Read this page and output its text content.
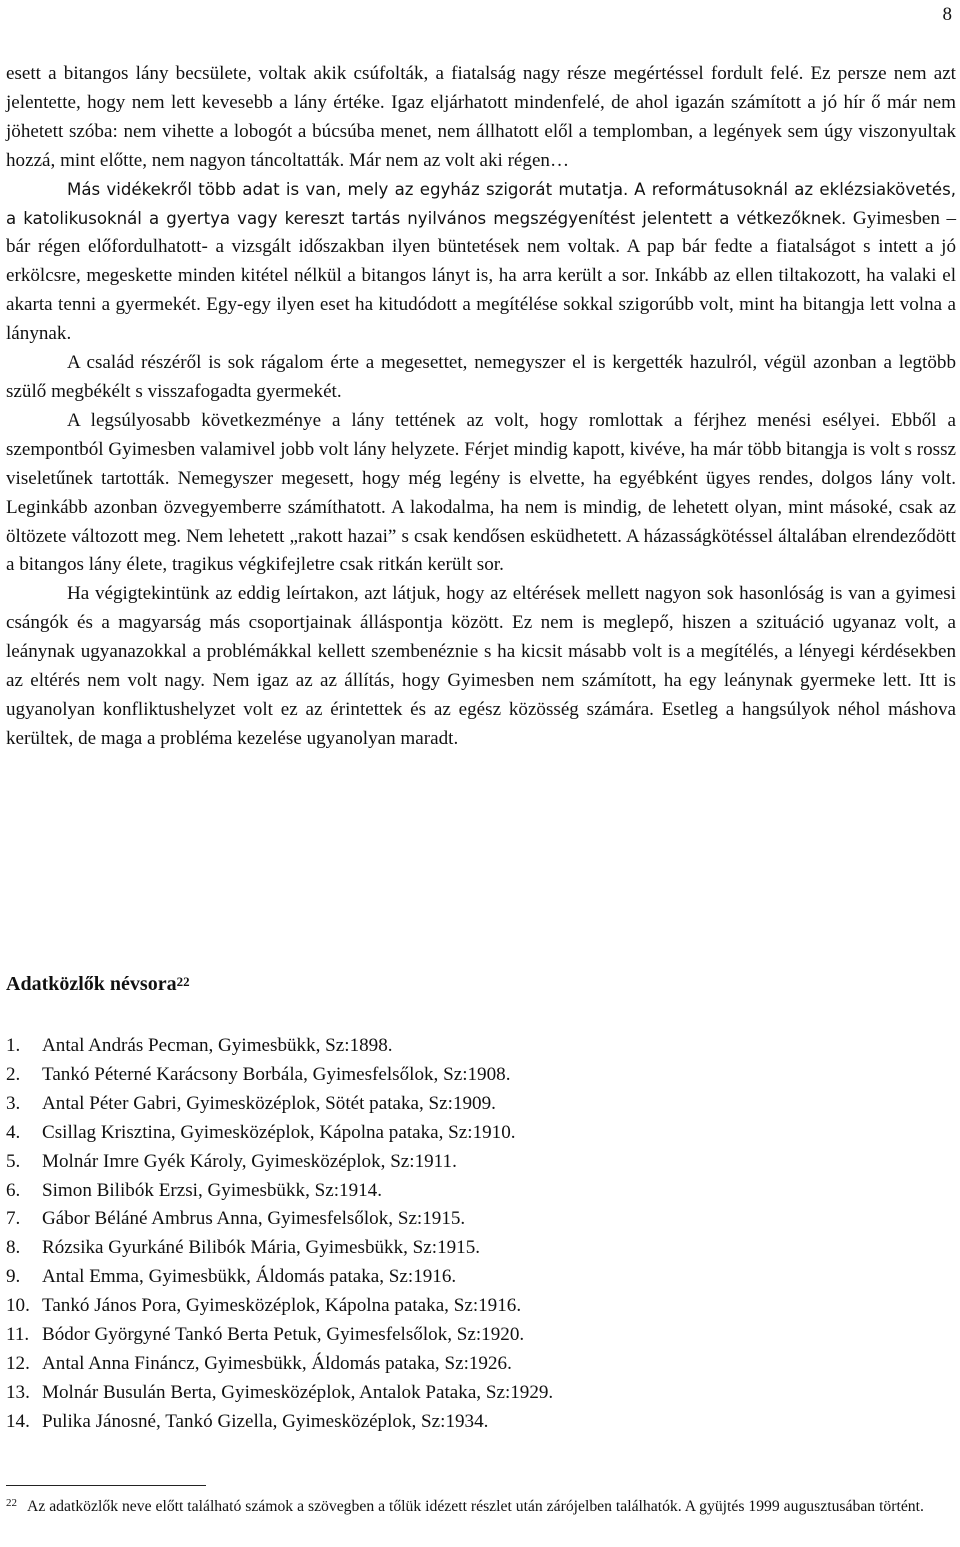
8

esett a bitangos lány becsülete, voltak akik csúfolták, a fiatalság nagy része megértéssel fordult felé. Ez persze nem azt jelentette, hogy nem lett kevesebb a lány értéke. Igaz eljárhatott mindenfelé, de ahol igazán számított a jó hír ő már nem jöhetett szóba: nem vihette a lobogót a búcsúba menet, nem állhatott elől a templomban, a legények sem úgy viszonyultak hozzá, mint előtte, nem nagyon táncoltatták. Már nem az volt aki régen…
Más vidékekről több adat is van, mely az egyház szigorát mutatja. A reformátusoknál az eklézsiakövetés, a katolikusoknál a gyertya vagy kereszt tartás nyilvános megszégyenítést jelentett a vétkezőknek. Gyimesben – bár régen előfordulhatott- a vizsgált időszakban ilyen büntetések nem voltak. A pap bár fedte a fiatalságot s intett a jó erkölcsre, megeskette minden kitétel nélkül a bitangos lányt is, ha arra került a sor. Inkább az ellen tiltakozott, ha valaki el akarta tenni a gyermekét. Egy-egy ilyen eset ha kitudódott a megítélése sokkal szigorúbb volt, mint ha bitangja lett volna a lánynak.

A család részéről is sok rágalom érte a megesettet, nemegyszer el is kergették hazulról, végül azonban a legtöbb szülő megbékélt s visszafogadta gyermekét.

A legsúlyosabb következménye a lány tettének az volt, hogy romlottak a férjhez menési esélyei. Ebből a szempontból Gyimesben valamivel jobb volt lány helyzete. Férjet mindig kapott, kivéve, ha már több bitangja is volt s rossz viseletűnek tartották. Nemegyszer megesett, hogy még legény is elvette, ha egyébként ügyes rendes, dolgos lány volt. Leginkább azonban özvegyemberre számíthatott. A lakodalma, ha nem is mindig, de lehetett olyan, mint másoké, csak az öltözete változott meg. Nem lehetett „rakott hazai” s csak kendősen esküdhetett. A házasságkötéssel általában elrendeződött a bitangos lány élete, tragikus végkifejletre csak ritkán került sor.

Ha végigtekintünk az eddig leírtakon, azt látjuk, hogy az eltérések mellett nagyon sok hasonlóság is van a gyimesi csángók és a magyarság más csoportjainak álláspontja között. Ez nem is meglepő, hiszen a szituáció ugyanaz volt, a leánynak ugyanazokkal a problémákkal kellett szembenéznie s ha kicsit másabb volt is a megítélés, a lényegi kérdésekben az eltérés nem volt nagy. Nem igaz az az állítás, hogy Gyimesben nem számított, ha egy leánynak gyermeke lett. Itt is ugyanolyan konfliktushelyzet volt ez az érintettek és az egész közösség számára. Esetleg a hangsúlyok néhol máshova kerültek, de maga a probléma kezelése ugyanolyan maradt.

Adatközlők névsora$^{22}$
1. Antal András Pecman, Gyimesbükk, Sz:1898.
2. Tankó Péterné Karácsony Borbála, Gyimesfelsőlok, Sz:1908.
3. Antal Péter Gabri, Gyimesközéplok, Sötét pataka, Sz:1909.
4. Csillag Krisztina, Gyimesközéplok, Kápolna pataka, Sz:1910.
5. Molnár Imre Gyék Károly, Gyimesközéplok, Sz:1911.
6. Simon Bilibók Erzsi, Gyimesbükk, Sz:1914.
7. Gábor Béláné Ambrus Anna, Gyimesfelsőlok, Sz:1915.
8. Rózsika Gyurkáné Bilibók Mária, Gyimesbükk, Sz:1915.
9. Antal Emma, Gyimesbükk, Áldomás pataka, Sz:1916.
10. Tankó János Pora, Gyimesközéplok, Kápolna pataka, Sz:1916.
11. Bódor Györgyné Tankó Berta Petuk, Gyimesfelsőlok, Sz:1920.
12. Antal Anna Fináncz, Gyimesbükk, Áldomás pataka, Sz:1926.
13. Molnár Busulán Berta, Gyimesközéplok, Antalok Pataka, Sz:1929.
14. Pulika Jánosné, Tankó Gizella, Gyimesközéplok, Sz:1934.

$^{22}$ Az adatközlők neve előtt található számok a szövegben a tőlük idézett részlet után zárójelben találhatók. A gyüjtés 1999 augusztusában történt.
